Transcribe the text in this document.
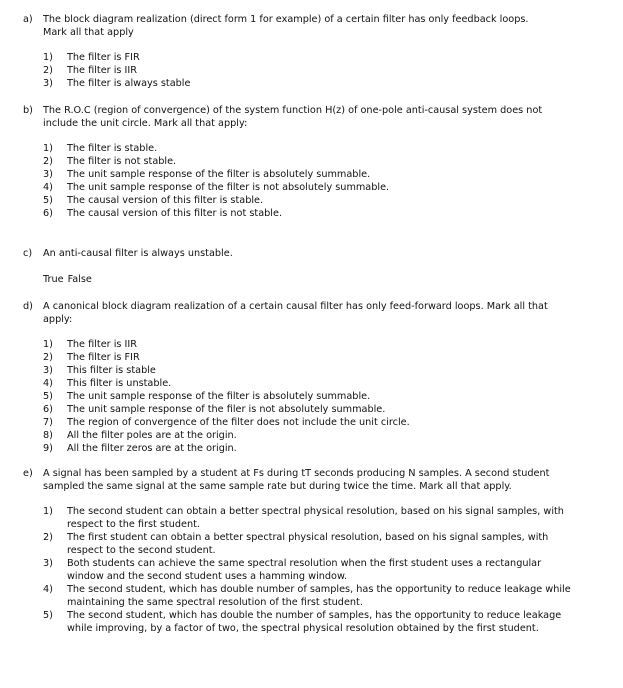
a) The block diagram realization (direct form 1 for example) of a certain filter has only feedback loops. Mark all that apply
1) The filter is FIR
2) The filter is IIR
3) The filter is always stable
b) The R.O.C (region of convergence) of the system function H(z) of one-pole anti-causal system does not include the unit circle. Mark all that apply:
1) The filter is stable.
2) The filter is not stable.
3) The unit sample response of the filter is absolutely summable.
4) The unit sample response of the filter is not absolutely summable.
5) The causal version of this filter is stable.
6) The causal version of this filter is not stable.
c) An anti-causal filter is always unstable.
True False
d) A canonical block diagram realization of a certain causal filter has only feed-forward loops. Mark all that apply:
1) The filter is IIR
2) The filter is FIR
3) This filter is stable
4) This filter is unstable.
5) The unit sample response of the filter is absolutely summable.
6) The unit sample response of the filer is not absolutely summable.
7) The region of convergence of the filter does not include the unit circle.
8) All the filter poles are at the origin.
9) All the filter zeros are at the origin.
e) A signal has been sampled by a student at Fs during tT seconds producing N samples. A second student sampled the same signal at the same sample rate but during twice the time. Mark all that apply.
1) The second student can obtain a better spectral physical resolution, based on his signal samples, with respect to the first student.
2) The first student can obtain a better spectral physical resolution, based on his signal samples, with respect to the second student.
3) Both students can achieve the same spectral resolution when the first student uses a rectangular window and the second student uses a hamming window.
4) The second student, which has double number of samples, has the opportunity to reduce leakage while maintaining the same spectral resolution of the first student.
5) The second student, which has double the number of samples, has the opportunity to reduce leakage while improving, by a factor of two, the spectral physical resolution obtained by the first student.
